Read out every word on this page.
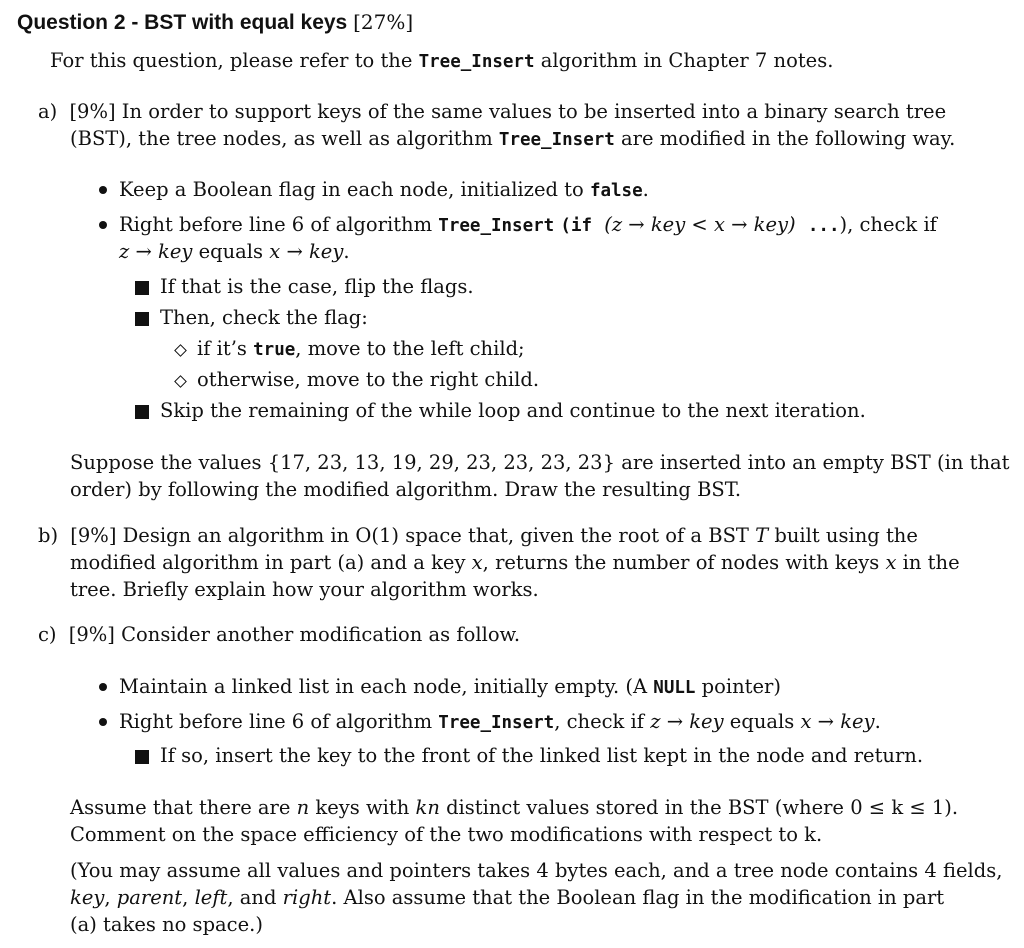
Question 2 - BST with equal keys [27%]
For this question, please refer to the Tree_Insert algorithm in Chapter 7 notes.
a) [9%] In order to support keys of the same values to be inserted into a binary search tree
(BST), the tree nodes, as well as algorithm Tree_Insert are modified in the following way.
Keep a Boolean flag in each node, initialized to false.
Right before line 6 of algorithm Tree_Insert (if (z → key < x → key) ...), check if
z → key equals x → key.
If that is the case, flip the flags.
Then, check the flag:
if it’s true, move to the left child;
otherwise, move to the right child.
Skip the remaining of the while loop and continue to the next iteration.
Suppose the values {17, 23, 13, 19, 29, 23, 23, 23, 23} are inserted into an empty BST (in that
order) by following the modified algorithm. Draw the resulting BST.
b) [9%] Design an algorithm in O(1) space that, given the root of a BST T built using the
modified algorithm in part (a) and a key x, returns the number of nodes with keys x in the
tree. Briefly explain how your algorithm works.
c) [9%] Consider another modification as follow.
Maintain a linked list in each node, initially empty. (A NULL pointer)
Right before line 6 of algorithm Tree_Insert, check if z → key equals x → key.
If so, insert the key to the front of the linked list kept in the node and return.
Assume that there are n keys with kn distinct values stored in the BST (where 0 ≤ k ≤ 1).
Comment on the space efficiency of the two modifications with respect to k.
(You may assume all values and pointers takes 4 bytes each, and a tree node contains 4 fields,
key, parent, left, and right. Also assume that the Boolean flag in the modification in part
(a) takes no space.)
